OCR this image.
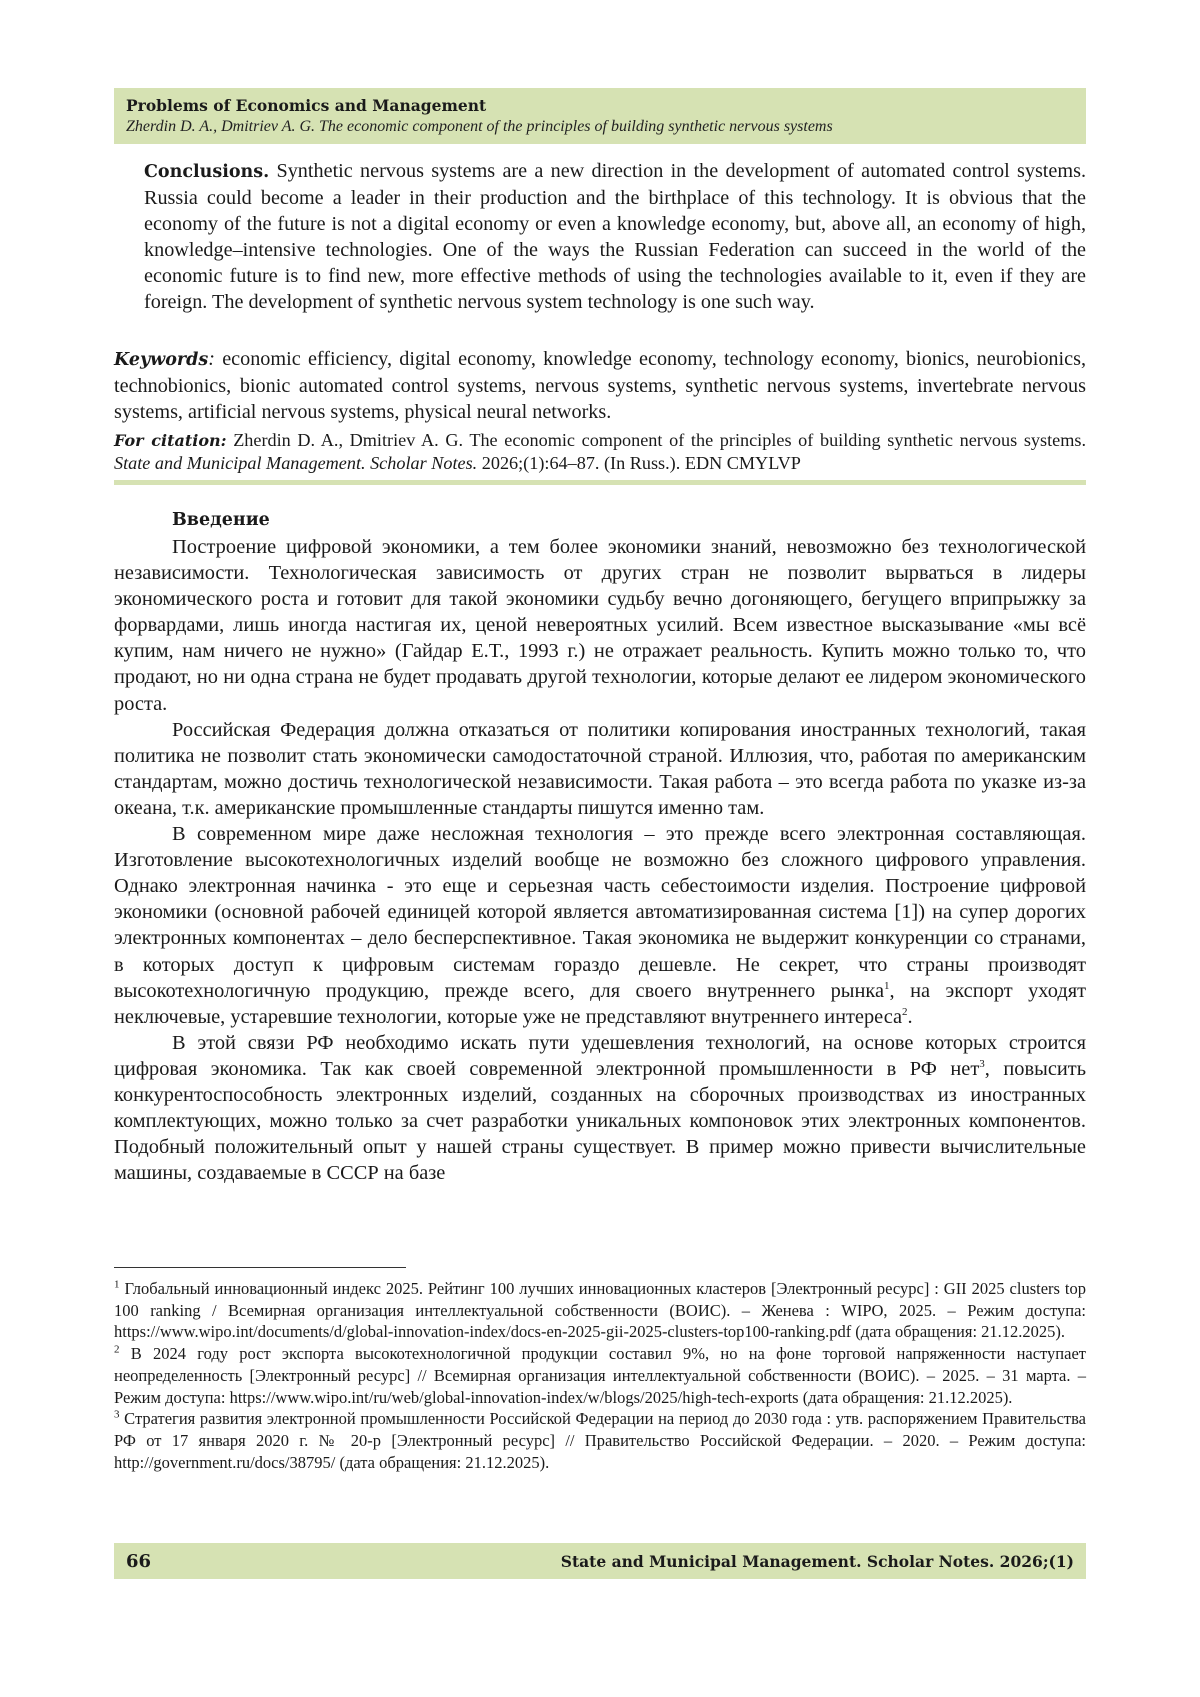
Problems of Economics and Management
Zherdin D. A., Dmitriev A. G. The economic component of the principles of building synthetic nervous systems
Conclusions. Synthetic nervous systems are a new direction in the development of automated control systems. Russia could become a leader in their production and the birthplace of this technology. It is obvious that the economy of the future is not a digital economy or even a knowledge economy, but, above all, an economy of high, knowledge–intensive technologies. One of the ways the Russian Federation can succeed in the world of the economic future is to find new, more effective methods of using the technologies available to it, even if they are foreign. The development of synthetic nervous system technology is one such way.
Keywords: economic efficiency, digital economy, knowledge economy, technology economy, bionics, neurobionics, technobionics, bionic automated control systems, nervous systems, synthetic nervous systems, invertebrate nervous systems, artificial nervous systems, physical neural networks.
For citation: Zherdin D. A., Dmitriev A. G. The economic component of the principles of building synthetic nervous systems. State and Municipal Management. Scholar Notes. 2026;(1):64–87. (In Russ.). EDN CMYLVP
Введение

Построение цифровой экономики, а тем более экономики знаний, невозможно без технологической независимости. Технологическая зависимость от других стран не позволит вырваться в лидеры экономического роста и готовит для такой экономики судьбу вечно догоняющего, бегущего вприпрыжку за форвардами, лишь иногда настигая их, ценой невероятных усилий. Всем известное высказывание «мы всё купим, нам ничего не нужно» (Гайдар Е.Т., 1993 г.) не отражает реальность. Купить можно только то, что продают, но ни одна страна не будет продавать другой технологии, которые делают ее лидером экономического роста.

Российская Федерация должна отказаться от политики копирования иностранных технологий, такая политика не позволит стать экономически самодостаточной страной. Иллюзия, что, работая по американским стандартам, можно достичь технологической независимости. Такая работа – это всегда работа по указке из-за океана, т.к. американские промышленные стандарты пишутся именно там.

В современном мире даже несложная технология – это прежде всего электронная составляющая. Изготовление высокотехнологичных изделий вообще не возможно без сложного цифрового управления. Однако электронная начинка - это еще и серьезная часть себестоимости изделия. Построение цифровой экономики (основной рабочей единицей которой является автоматизированная система [1]) на супер дорогих электронных компонентах – дело бесперспективное. Такая экономика не выдержит конкуренции со странами, в которых доступ к цифровым системам гораздо дешевле. Не секрет, что страны производят высокотехнологичную продукцию, прежде всего, для своего внутреннего рынка$^1$, на экспорт уходят неключевые, устаревшие технологии, которые уже не представляют внутреннего интереса$^2$.

В этой связи РФ необходимо искать пути удешевления технологий, на основе которых строится цифровая экономика. Так как своей современной электронной промышленности в РФ нет$^3$, повысить конкурентоспособность электронных изделий, созданных на сборочных производствах из иностранных комплектующих, можно только за счет разработки уникальных компоновок этих электронных компонентов. Подобный положительный опыт у нашей страны существует. В пример можно привести вычислительные машины, создаваемые в СССР на базе

$^1$ Глобальный инновационный индекс 2025. Рейтинг 100 лучших инновационных кластеров [Электронный ресурс] : GII 2025 clusters top 100 ranking / Всемирная организация интеллектуальной собственности (ВОИС). – Женева : WIPO, 2025. – Режим доступа: https://www.wipo.int/documents/d/global-innovation-index/docs-en-2025-gii-2025-clusters-top100-ranking.pdf (дата обращения: 21.12.2025).

$^2$ В 2024 году рост экспорта высокотехнологичной продукции составил 9%, но на фоне торговой напряженности наступает неопределенность [Электронный ресурс] // Всемирная организация интеллектуальной собственности (ВОИС). – 2025. – 31 марта. – Режим доступа: https://www.wipo.int/ru/web/global-innovation-index/w/blogs/2025/high-tech-exports (дата обращения: 21.12.2025).

$^3$ Стратегия развития электронной промышленности Российской Федерации на период до 2030 года : утв. распоряжением Правительства РФ от 17 января 2020 г. № 20-р [Электронный ресурс] // Правительство Российской Федерации. – 2020. – Режим доступа: http://government.ru/docs/38795/ (дата обращения: 21.12.2025).

66	State and Municipal Management. Scholar Notes. 2026;(1)
